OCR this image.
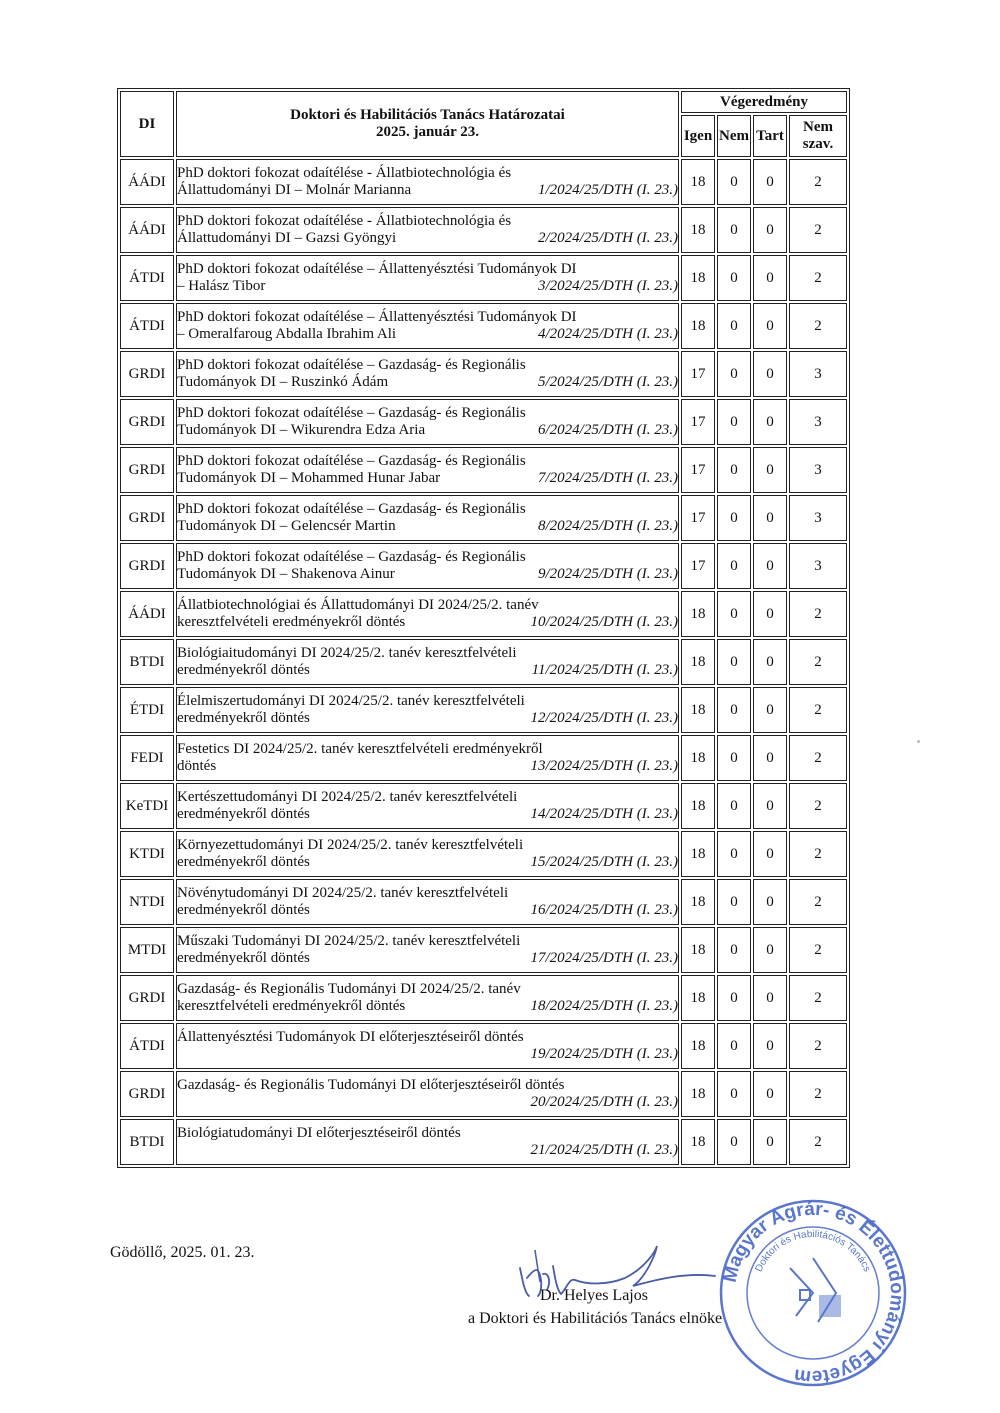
DI	Doktori és Habilitációs Tanács Határozatai
2025. január 23.	Végeredmény			
		Igen	Nem	Tart	Nem
szav.

ÁÁDI	PhD doktori fokozat odaítélése - Állatbiotechnológia és
Állattudományi DI – Molnár Marianna 1/2024/25/DTH (I. 23.)	18	0	0	2
ÁÁDI	PhD doktori fokozat odaítélése - Állatbiotechnológia és
Állattudományi DI – Gazsi Gyöngyi 2/2024/25/DTH (I. 23.)	18	0	0	2
ÁTDI	PhD doktori fokozat odaítélése – Állattenyésztési Tudományok DI
– Halász Tibor 3/2024/25/DTH (I. 23.)	18	0	0	2
ÁTDI	PhD doktori fokozat odaítélése – Állattenyésztési Tudományok DI
– Omeralfaroug Abdalla Ibrahim Ali 4/2024/25/DTH (I. 23.)	18	0	0	2
GRDI	PhD doktori fokozat odaítélése – Gazdaság- és Regionális
Tudományok DI – Ruszinkó Ádám 5/2024/25/DTH (I. 23.)	17	0	0	3
GRDI	PhD doktori fokozat odaítélése – Gazdaság- és Regionális
Tudományok DI – Wikurendra Edza Aria 6/2024/25/DTH (I. 23.)	17	0	0	3
GRDI	PhD doktori fokozat odaítélése – Gazdaság- és Regionális
Tudományok DI – Mohammed Hunar Jabar 7/2024/25/DTH (I. 23.)	17	0	0	3
GRDI	PhD doktori fokozat odaítélése – Gazdaság- és Regionális
Tudományok DI – Gelencsér Martin 8/2024/25/DTH (I. 23.)	17	0	0	3
GRDI	PhD doktori fokozat odaítélése – Gazdaság- és Regionális
Tudományok DI – Shakenova Ainur 9/2024/25/DTH (I. 23.)	17	0	0	3
ÁÁDI	Állatbiotechnológiai és Állattudományi DI 2024/25/2. tanév
keresztfelvételi eredményekről döntés 10/2024/25/DTH (I. 23.)	18	0	0	2
BTDI	Biológiaitudományi DI 2024/25/2. tanév keresztfelvételi
eredményekről döntés 11/2024/25/DTH (I. 23.)	18	0	0	2
ÉTDI	Élelmiszertudományi DI 2024/25/2. tanév keresztfelvételi
eredményekről döntés 12/2024/25/DTH (I. 23.)	18	0	0	2
FEDI	Festetics DI 2024/25/2. tanév keresztfelvételi eredményekről
döntés 13/2024/25/DTH (I. 23.)	18	0	0	2
KeTDI	Kertészettudományi DI 2024/25/2. tanév keresztfelvételi
eredményekről döntés 14/2024/25/DTH (I. 23.)	18	0	0	2
KTDI	Környezettudományi DI 2024/25/2. tanév keresztfelvételi
eredményekről döntés 15/2024/25/DTH (I. 23.)	18	0	0	2
NTDI	Növénytudományi DI 2024/25/2. tanév keresztfelvételi
eredményekről döntés 16/2024/25/DTH (I. 23.)	18	0	0	2
MTDI	Műszaki Tudományi DI 2024/25/2. tanév keresztfelvételi
eredményekről döntés 17/2024/25/DTH (I. 23.)	18	0	0	2
GRDI	Gazdaság- és Regionális Tudományi DI 2024/25/2. tanév
keresztfelvételi eredményekről döntés 18/2024/25/DTH (I. 23.)	18	0	0	2
ÁTDI	Állattenyésztési Tudományok DI előterjesztéseiről döntés
19/2024/25/DTH (I. 23.)	18	0	0	2
GRDI	Gazdaság- és Regionális Tudományi DI előterjesztéseiről döntés
20/2024/25/DTH (I. 23.)	18	0	0	2
BTDI	Biológiatudományi DI előterjesztéseiről döntés
21/2024/25/DTH (I. 23.)	18	0	0	2
Gödöllő, 2025. 01. 23.
Dr. Helyes Lajos
a Doktori és Habilitációs Tanács elnöke
Magyar Agrár- és Élettudományi Egyetem
Doktori és Habilitációs Tanács
